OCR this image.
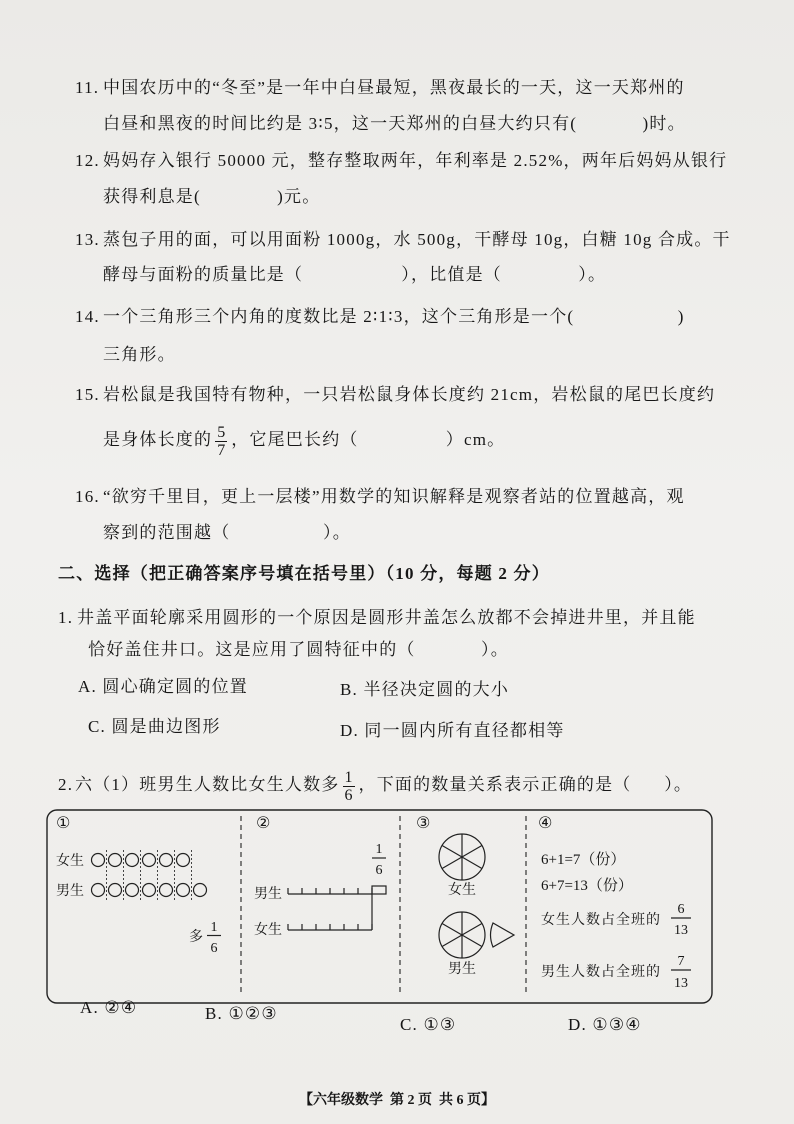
11. 中国农历中的“冬至”是一年中白昼最短，黑夜最长的一天，这一天郑州的
白昼和黑夜的时间比约是 3∶5，这一天郑州的白昼大约只有(            )时。
12. 妈妈存入银行 50000 元，整存整取两年，年利率是 2.52%，两年后妈妈从银行
获得利息是(              )元。
13. 蒸包子用的面，可以用面粉 1000g，水 500g，干酵母 10g，白糖 10g 合成。干
酵母与面粉的质量比是（                  ），比值是（              ）。
14. 一个三角形三个内角的度数比是 2∶1∶3，这个三角形是一个(                   )
三角形。
15. 岩松鼠是我国特有物种，一只岩松鼠身体长度约 21cm，岩松鼠的尾巴长度约
是身体长度的 $\frac{5}{7}$ ，它尾巴长约（                ）cm。
16. “欲穷千里目，更上一层楼”用数学的知识解释是观察者站的位置越高，观
察到的范围越（                 ）。
二、选择（把正确答案序号填在括号里）（10 分，每题 2 分）
1. 井盖平面轮廓采用圆形的一个原因是圆形井盖怎么放都不会掉进井里，并且能
恰好盖住井口。这是应用了圆特征中的（            ）。
A. 圆心确定圆的位置	B. 半径决定圆的大小
C. 圆是曲边图形	D. 同一圆内所有直径都相等
2. 六（1）班男生人数比女生人数多 $\frac{1}{6}$ ，下面的数量关系表示正确的是（      ）。
①
女生
男生
多
1
6
②
1
6
男生
女生
③
女生
男生
④
6+1=7（份）
6+7=13（份）
女生人数占全班的
6
13
男生人数占全班的
7
13
A. ②④	B. ①②③
C. ①③	D. ①③④
【六年级数学  第 2 页  共 6 页】
